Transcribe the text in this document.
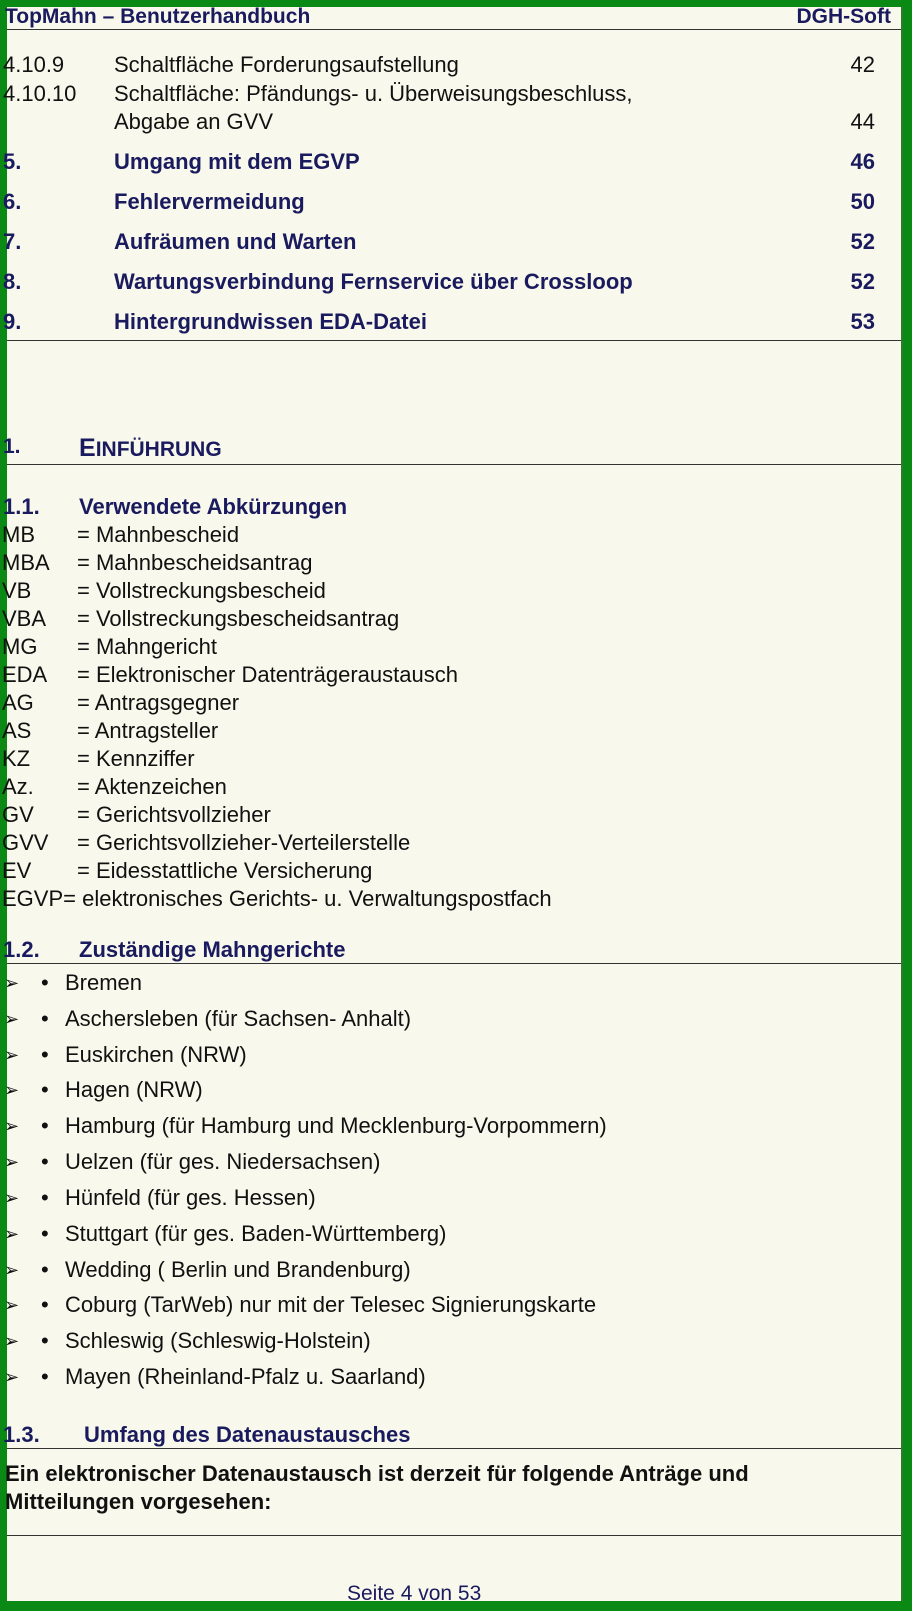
TopMahn – Benutzerhandbuch	DGH-Soft
4.10.9 Schaltfläche Forderungsaufstellung	42
4.10.10 Schaltfläche: Pfändungs- u. Überweisungsbeschluss,
Abgabe an GVV	44
5.	Umgang mit dem EGVP	46
6.	Fehlervermeidung	50
7.	Aufräumen und Warten	52
8.	Wartungsverbindung Fernservice über Crossloop	52
9.	Hintergrundwissen EDA-Datei	53
1. EINFÜHRUNG
1.1. Verwendete Abkürzungen
MB = Mahnbescheid
MBA = Mahnbescheidsantrag
VB = Vollstreckungsbescheid
VBA = Vollstreckungsbescheidsantrag
MG = Mahngericht
EDA = Elektronischer Datenträgeraustausch
AG = Antragsgegner
AS = Antragsteller
KZ = Kennziffer
Az. = Aktenzeichen
GV = Gerichtsvollzieher
GVV = Gerichtsvollzieher-Verteilerstelle
EV = Eidesstattliche Versicherung
EGVP= elektronisches Gerichts- u. Verwaltungspostfach
1.2. Zuständige Mahngerichte
➢ • Bremen
➢ • Aschersleben (für Sachsen- Anhalt)
➢ • Euskirchen (NRW)
➢ • Hagen (NRW)
➢ • Hamburg (für Hamburg und Mecklenburg-Vorpommern)
➢ • Uelzen (für ges. Niedersachsen)
➢ • Hünfeld (für ges. Hessen)
➢ • Stuttgart (für ges. Baden-Württemberg)
➢ • Wedding ( Berlin und Brandenburg)
➢ • Coburg (TarWeb) nur mit der Telesec Signierungskarte
➢ • Schleswig (Schleswig-Holstein)
➢ • Mayen (Rheinland-Pfalz u. Saarland)
1.3. Umfang des Datenaustausches
Ein elektronischer Datenaustausch ist derzeit für folgende Anträge und
Mitteilungen vorgesehen:
Seite 4 von 53
